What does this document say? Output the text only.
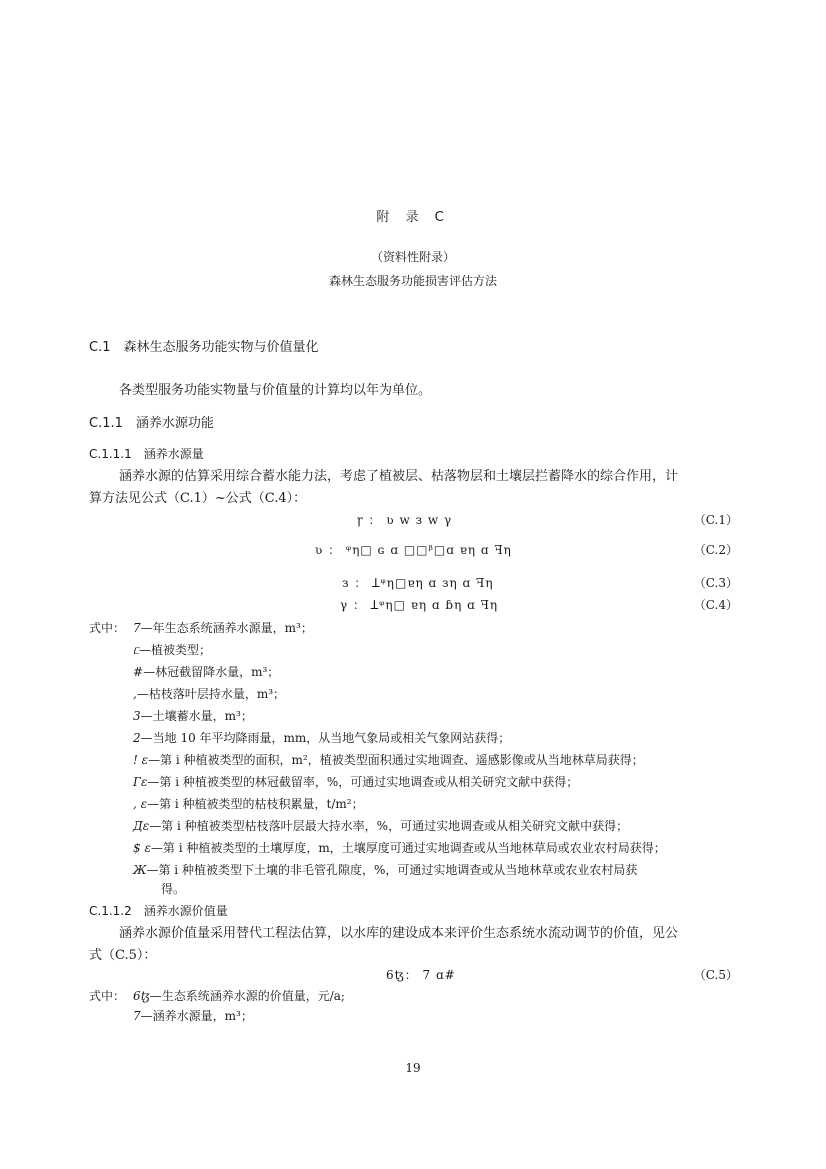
附 录 C
（资料性附录）
森林生态服务功能损害评估方法
C.1　森林生态服务功能实物与价值量化
各类型服务功能实物量与价值量的计算均以年为单位。
C.1.1　涵养水源功能
C.1.1.1　涵养水源量
涵养水源的估算采用综合蓄水能力法，考虑了植被层、枯落物层和土壤层拦蓄降水的综合作用，计
算方法见公式（C.1）~公式（C.4）：
ꞅ ： ʋ w з w γ	（C.1）
ʋ ： ᵠη□ ɢ ɑ □□ᵝ□ɑ ɐη ɑ ꟻη	（C.2）
з ： ꓕᵠη□ɐη ɑ зη ɑ ꟻη	（C.3）
γ ： ꓕᵠη□ ɐη ɑ ɓη ɑ ꟻη	（C.4）
式中： 7—年生态系统涵养水源量，m³；
ᥴ—植被类型；
#—林冠截留降水量，m³；
,—枯枝落叶层持水量，m³；
3—土壤蓄水量，m³；
2—当地 10 年平均降雨量，mm，从当地气象局或相关气象网站获得；
! ɛ—第 i 种植被类型的面积，m²，植被类型面积通过实地调查、遥感影像或从当地林草局获得；
Гɛ—第 i 种植被类型的林冠截留率，%，可通过实地调查或从相关研究文献中获得；
, ɛ—第 i 种植被类型的枯枝积累量，t/m²；
Дɛ—第 i 种植被类型枯枝落叶层最大持水率，%，可通过实地调查或从相关研究文献中获得；
$ ɛ—第 i 种植被类型的土壤厚度，m，土壤厚度可通过实地调查或从当地林草局或农业农村局获得；
Ж—第 i 种植被类型下土壤的非毛管孔隙度，%，可通过实地调查或从当地林草或农业农村局获
得。
C.1.1.2　涵养水源价值量
涵养水源价值量采用替代工程法估算，以水库的建设成本来评价生态系统水流动调节的价值，见公
式（C.5）：
6ꜩ： 7 ɑ#	（C.5）
式中： 6ꜩ—生态系统涵养水源的价值量，元/a;
7—涵养水源量，m³；
19
